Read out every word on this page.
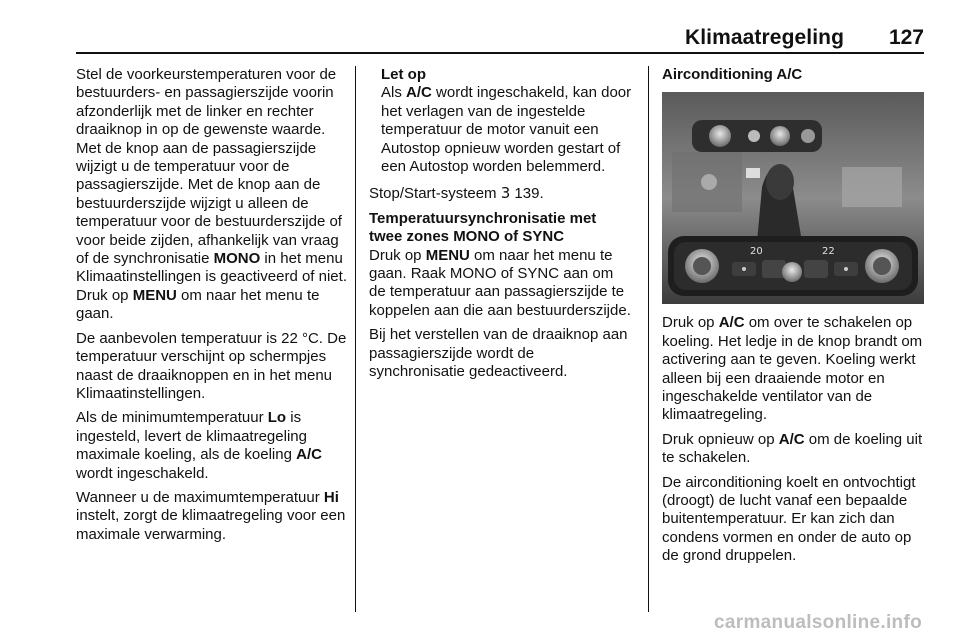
Klimaatregeling 127

Stel de voorkeurstemperaturen voor de bestuurders- en passagierszijde voorin afzonderlijk met de linker en rechter draaiknop in op de gewenste waarde. Met de knop aan de passagierszijde wijzigt u de temperatuur voor de passagierszijde. Met de knop aan de bestuurderszijde wijzigt u alleen de temperatuur voor de bestuurderszijde of voor beide zijden, afhankelijk van vraag of de synchronisatie MONO in het menu Klimaatinstellingen is geactiveerd of niet. Druk op MENU om naar het menu te gaan.

De aanbevolen temperatuur is 22 °C. De temperatuur verschijnt op schermpjes naast de draaiknoppen en in het menu Klimaatinstellingen.

Als de minimumtemperatuur Lo is ingesteld, levert de klimaatregeling maximale koeling, als de koeling A/C wordt ingeschakeld.

Wanneer u de maximumtemperatuur Hi instelt, zorgt de klimaatregeling voor een maximale verwarming.

Let op
Als A/C wordt ingeschakeld, kan door het verlagen van de ingestelde temperatuur de motor vanuit een Autostop opnieuw worden gestart of een Autostop worden belemmerd.

Stop/Start-systeem 3 139.

Temperatuursynchronisatie met twee zones MONO of SYNC

Druk op MENU om naar het menu te gaan. Raak MONO of SYNC aan om de temperatuur aan passagierszijde te koppelen aan die aan bestuurderszijde.

Bij het verstellen van de draaiknop aan passagierszijde wordt de synchronisatie gedeactiveerd.

Airconditioning A/C

20	22

Druk op A/C om over te schakelen op koeling. Het ledje in de knop brandt om activering aan te geven. Koeling werkt alleen bij een draaiende motor en ingeschakelde ventilator van de klimaatregeling.

Druk opnieuw op A/C om de koeling uit te schakelen.

De airconditioning koelt en ontvochtigt (droogt) de lucht vanaf een bepaalde buitentemperatuur. Er kan zich dan condens vormen en onder de auto op de grond druppelen.

carmanualsonline.info
